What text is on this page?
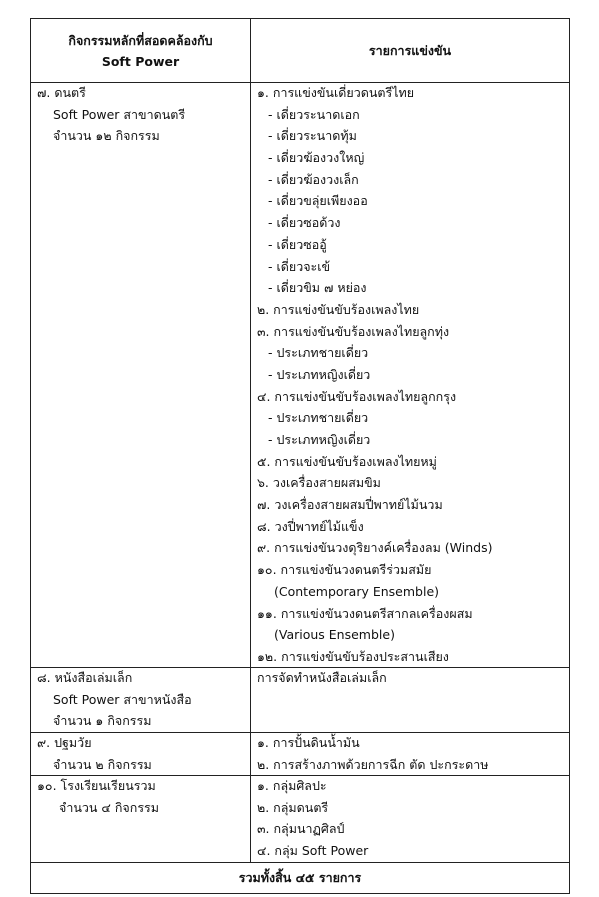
กิจกรรมหลักที่สอดคล้องกับ
Soft Power
รายการแข่งขัน
๗. ดนตรี
Soft Power สาขาดนตรี
จำนวน ๑๒ กิจกรรม
๑. การแข่งขันเดี่ยวดนตรีไทย
- เดี่ยวระนาดเอก
- เดี่ยวระนาดทุ้ม
- เดี่ยวฆ้องวงใหญ่
- เดี่ยวฆ้องวงเล็ก
- เดี่ยวขลุ่ยเพียงออ
- เดี่ยวซอด้วง
- เดี่ยวซออู้
- เดี่ยวจะเข้
- เดี่ยวขิม ๗ หย่อง
๒. การแข่งขันขับร้องเพลงไทย
๓. การแข่งขันขับร้องเพลงไทยลูกทุ่ง
- ประเภทชายเดี่ยว
- ประเภทหญิงเดี่ยว
๔. การแข่งขันขับร้องเพลงไทยลูกกรุง
- ประเภทชายเดี่ยว
- ประเภทหญิงเดี่ยว
๕. การแข่งขันขับร้องเพลงไทยหมู่
๖. วงเครื่องสายผสมขิม
๗. วงเครื่องสายผสมปี่พาทย์ไม้นวม
๘. วงปี่พาทย์ไม้แข็ง
๙. การแข่งขันวงดุริยางค์เครื่องลม (Winds)
๑๐. การแข่งขันวงดนตรีร่วมสมัย
(Contemporary Ensemble)
๑๑. การแข่งขันวงดนตรีสากลเครื่องผสม
(Various Ensemble)
๑๒. การแข่งขันขับร้องประสานเสียง
๘. หนังสือเล่มเล็ก
Soft Power สาขาหนังสือ
จำนวน ๑ กิจกรรม
การจัดทำหนังสือเล่มเล็ก
๙. ปฐมวัย
จำนวน ๒ กิจกรรม
๑. การปั้นดินน้ำมัน
๒. การสร้างภาพด้วยการฉีก ตัด ปะกระดาษ
๑๐. โรงเรียนเรียนรวม
จำนวน ๔ กิจกรรม
๑. กลุ่มศิลปะ
๒. กลุ่มดนตรี
๓. กลุ่มนาฏศิลป์
๔. กลุ่ม Soft Power
รวมทั้งสิ้น ๔๕ รายการ
